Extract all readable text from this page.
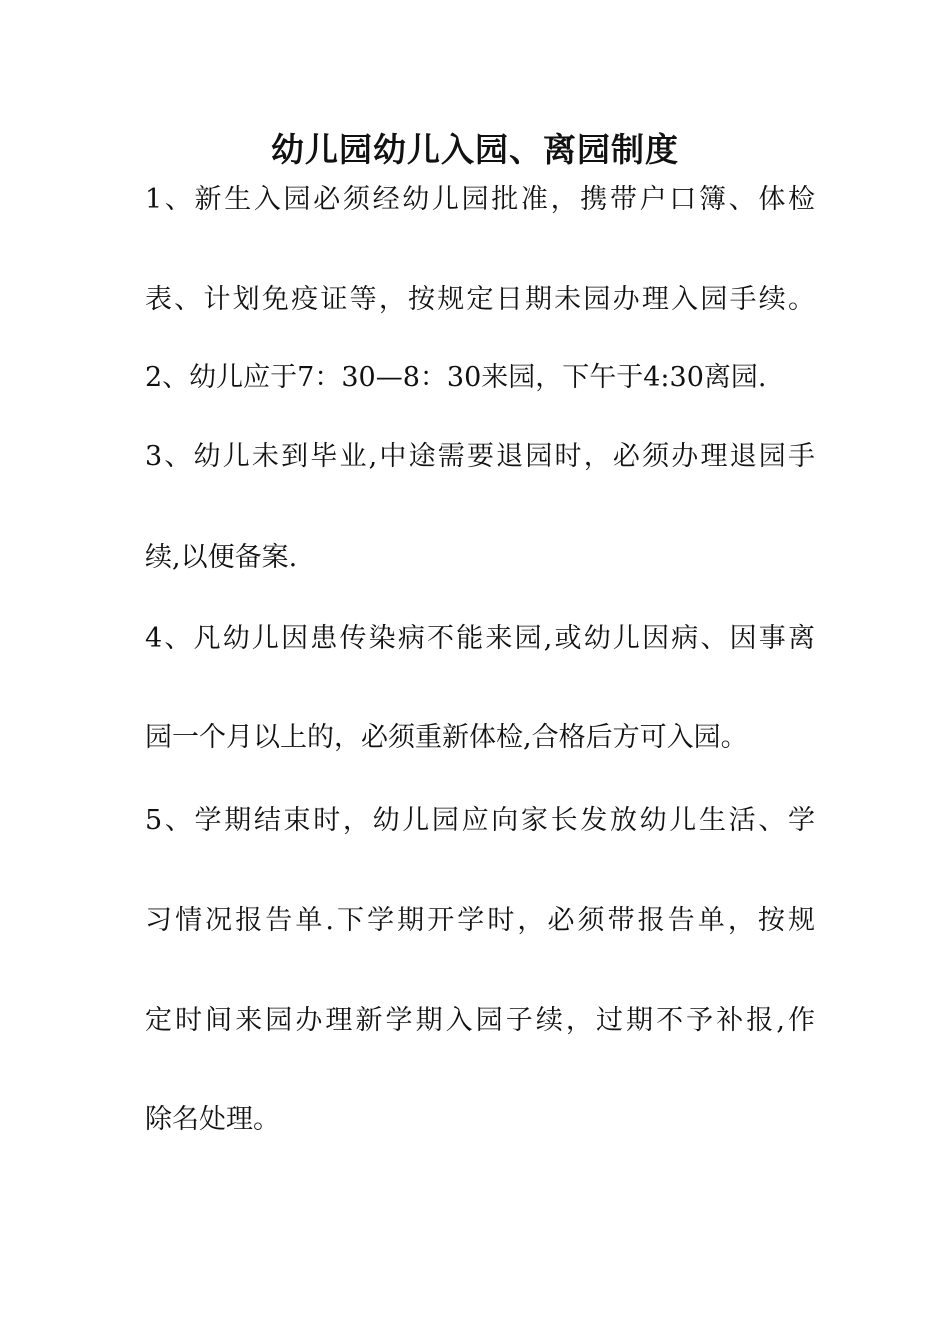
幼儿园幼儿入园、离园制度

1、新生入园必须经幼儿园批准，携带户口簿、体检

表、计划免疫证等，按规定日期未园办理入园手续。

2、幼儿应于7：30—8：30来园，下午于4:30离园.

3、幼儿未到毕业,中途需要退园时，必须办理退园手

续,以便备案.

4、凡幼儿因患传染病不能来园,或幼儿因病、因事离

园一个月以上的，必须重新体检,合格后方可入园。

5、学期结束时，幼儿园应向家长发放幼儿生活、学

习情况报告单.下学期开学时，必须带报告单，按规

定时间来园办理新学期入园子续，过期不予补报,作

除名处理。
